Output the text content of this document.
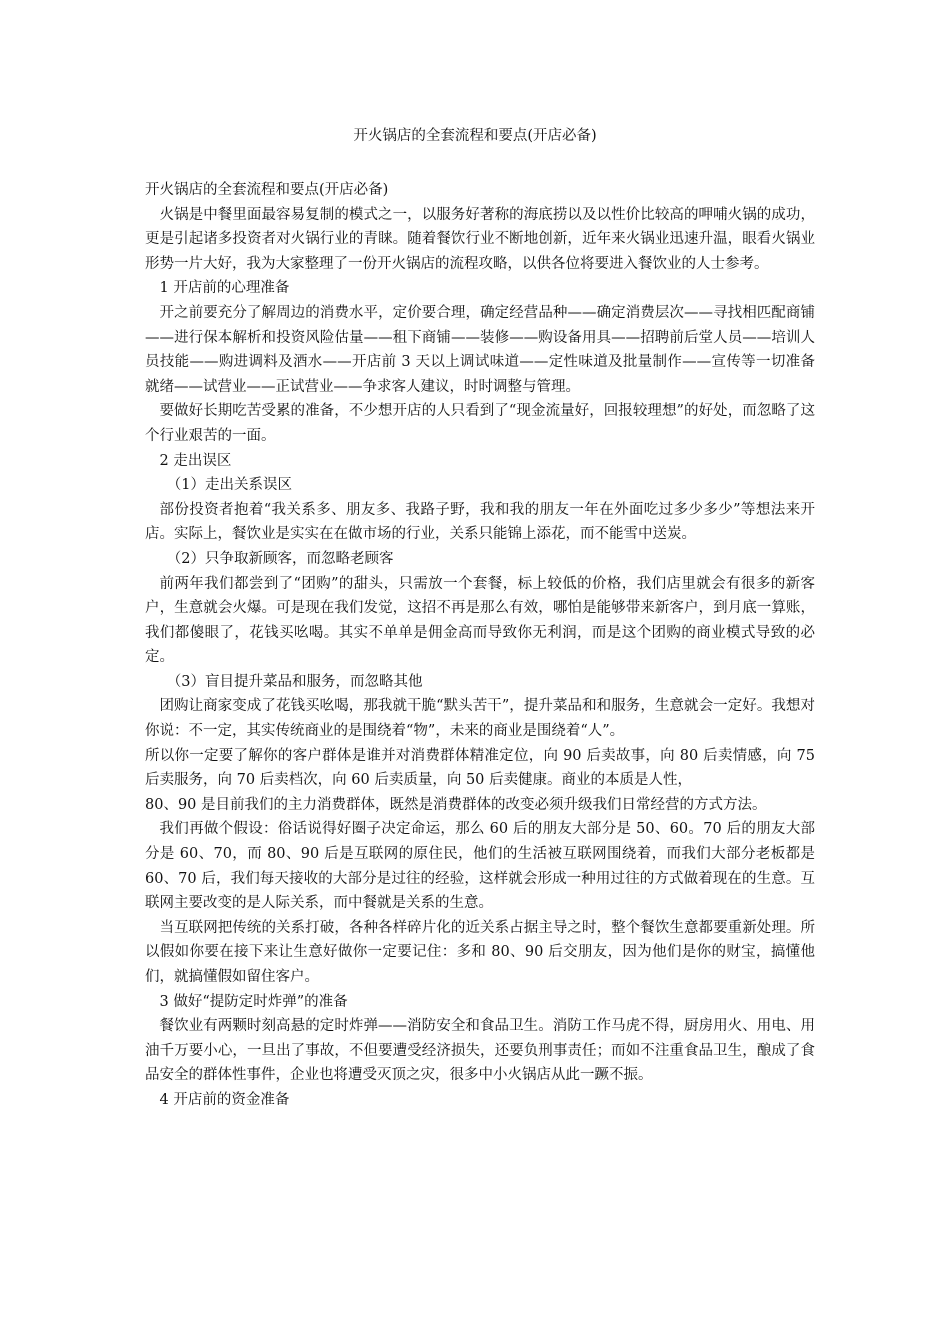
开火锅店的全套流程和要点(开店必备)

开火锅店的全套流程和要点(开店必备)

火锅是中餐里面最容易复制的模式之一，以服务好著称的海底捞以及以性价比较高的呷哺火锅的成功，更是引起诸多投资者对火锅行业的青睐。随着餐饮行业不断地创新，近年来火锅业迅速升温，眼看火锅业形势一片大好，我为大家整理了一份开火锅店的流程攻略，以供各位将要进入餐饮业的人士参考。

1 开店前的心理准备

开之前要充分了解周边的消费水平，定价要合理，确定经营品种——确定消费层次——寻找相匹配商铺——进行保本解析和投资风险估量——租下商铺——装修——购设备用具——招聘前后堂人员——培训人员技能——购进调料及酒水——开店前 3 天以上调试味道——定性味道及批量制作——宣传等一切准备就绪——试营业——正试营业——争求客人建议，时时调整与管理。

要做好长期吃苦受累的准备，不少想开店的人只看到了“现金流量好，回报较理想”的好处，而忽略了这个行业艰苦的一面。

2 走出误区

（1）走出关系误区

部份投资者抱着“我关系多、朋友多、我路子野，我和我的朋友一年在外面吃过多少多少”等想法来开店。实际上，餐饮业是实实在在做市场的行业，关系只能锦上添花，而不能雪中送炭。

（2）只争取新顾客，而忽略老顾客

前两年我们都尝到了“团购”的甜头，只需放一个套餐，标上较低的价格，我们店里就会有很多的新客户，生意就会火爆。可是现在我们发觉，这招不再是那么有效，哪怕是能够带来新客户，到月底一算账，我们都傻眼了，花钱买吆喝。其实不单单是佣金高而导致你无利润，而是这个团购的商业模式导致的必定。

（3）盲目提升菜品和服务，而忽略其他

团购让商家变成了花钱买吆喝，那我就干脆“默头苦干”，提升菜品和和服务，生意就会一定好。我想对你说：不一定，其实传统商业的是围绕着“物”，未来的商业是围绕着“人”。

所以你一定要了解你的客户群体是谁并对消费群体精准定位，向 90 后卖故事，向 80 后卖情感，向 75 后卖服务，向 70 后卖档次，向 60 后卖质量，向 50 后卖健康。商业的本质是人性，

80、90 是目前我们的主力消费群体，既然是消费群体的改变必须升级我们日常经营的方式方法。

我们再做个假设：俗话说得好圈子决定命运，那么 60 后的朋友大部分是 50、60。70 后的朋友大部分是 60、70，而 80、90 后是互联网的原住民，他们的生活被互联网围绕着，而我们大部分老板都是 60、70 后，我们每天接收的大部分是过往的经验，这样就会形成一种用过往的方式做着现在的生意。互联网主要改变的是人际关系，而中餐就是关系的生意。

当互联网把传统的关系打破，各种各样碎片化的近关系占据主导之时，整个餐饮生意都要重新处理。所以假如你要在接下来让生意好做你一定要记住：多和 80、90 后交朋友，因为他们是你的财宝，搞懂他们，就搞懂假如留住客户。

3 做好“提防定时炸弹”的准备

餐饮业有两颗时刻高悬的定时炸弹——消防安全和食品卫生。消防工作马虎不得，厨房用火、用电、用油千万要小心，一旦出了事故，不但要遭受经济损失，还要负刑事责任；而如不注重食品卫生，酿成了食品安全的群体性事件，企业也将遭受灭顶之灾，很多中小火锅店从此一蹶不振。

4 开店前的资金准备
